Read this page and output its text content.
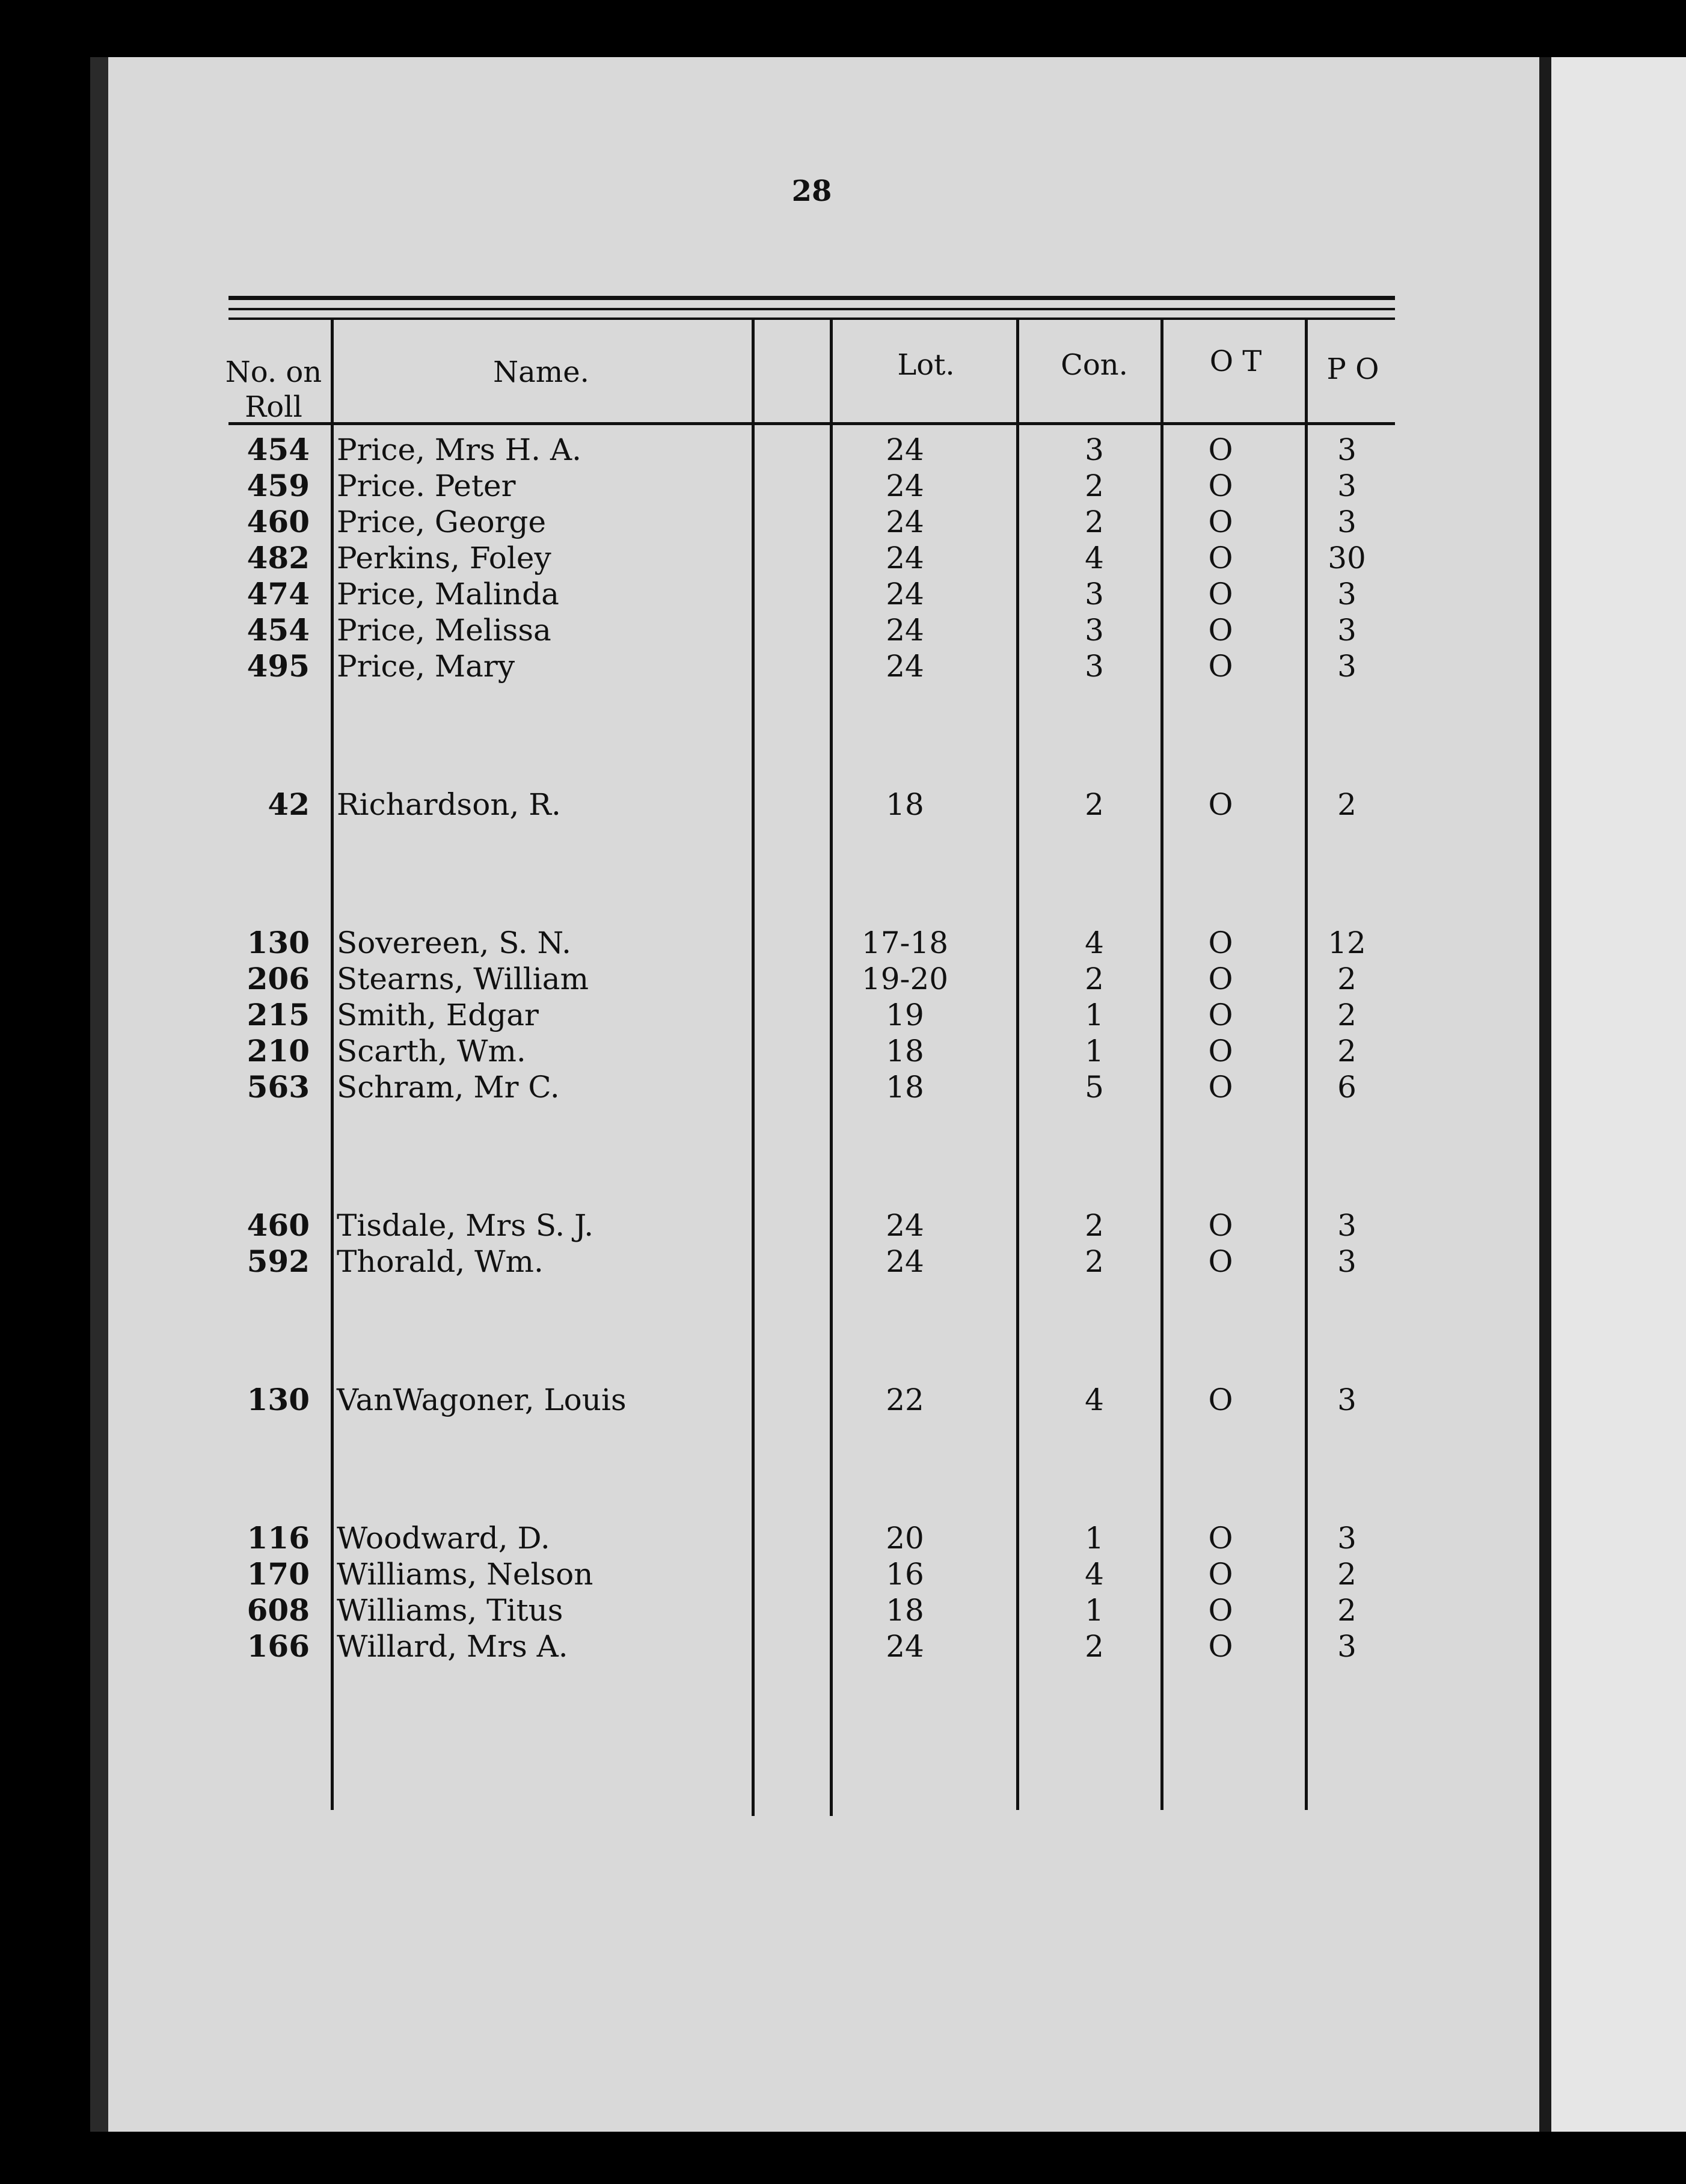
28
No. on
Roll
Name.	Lot.	Con.	O T	P O
454 Price, Mrs H. A.	24	3	O	3
459 Price. Peter	24	2	O	3
460 Price, George	24	2	O	3
482 Perkins, Foley	24	4	O	30
474 Price, Malinda	24	3	O	3
454 Price, Melissa	24	3	O	3
495 Price, Mary	24	3	O	3
42 Richardson, R.	18	2	O	2
130 Sovereen, S. N.	17-18	4	O	12
206 Stearns, William	19-20	2	O	2
215 Smith, Edgar	19	1	O	2
210 Scarth, Wm.	18	1	O	2
563 Schram, Mr C.	18	5	O	6
460 Tisdale, Mrs S. J.	24	2	O	3
592 Thorald, Wm.	24	2	O	3
130 VanWagoner, Louis	22	4	O	3
116 Woodward, D.	20	1	O	3
170 Williams, Nelson	16	4	O	2
608 Williams, Titus	18	1	O	2
166 Willard, Mrs A.	24	2	O	3
